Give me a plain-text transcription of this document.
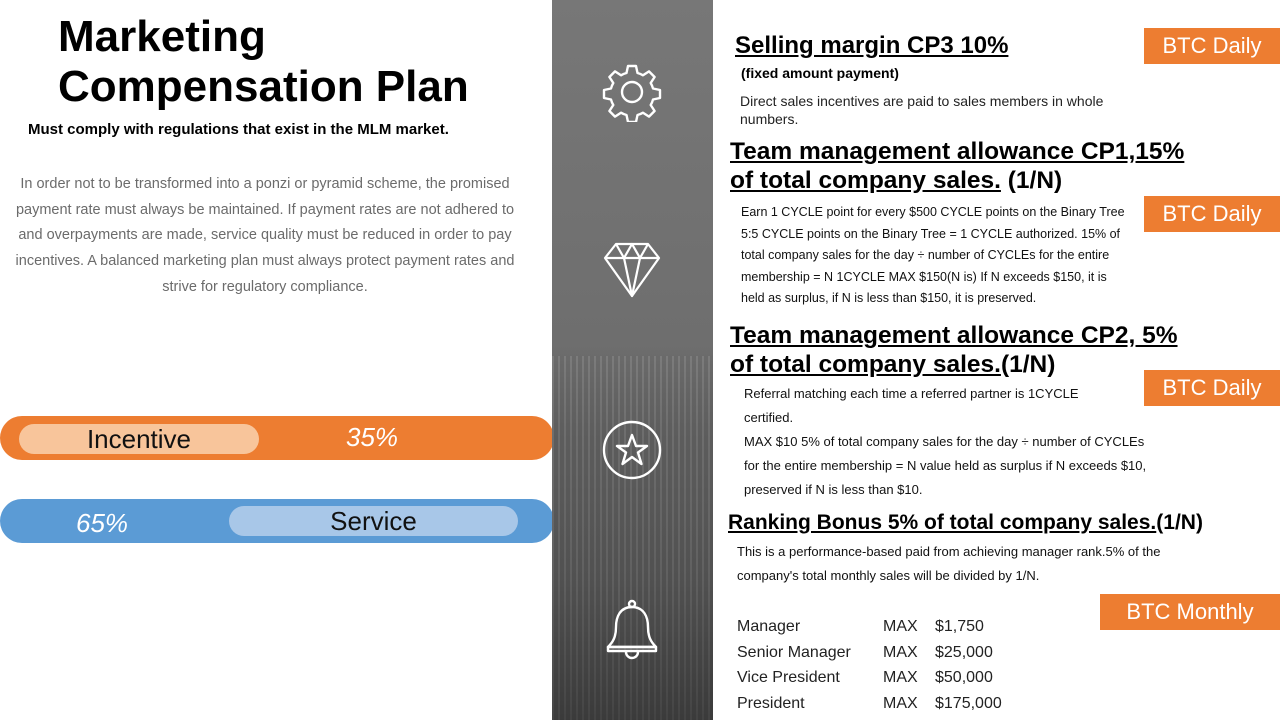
Marketing
Compensation Plan
Must comply with regulations that exist in the MLM market.
In order not to be transformed into a ponzi or pyramid scheme, the promised payment rate must always be maintained. If payment rates are not adhered to and overpayments are made, service quality must be reduced in order to pay incentives. A balanced marketing plan must always protect payment rates and strive for regulatory compliance.
Incentive	35%
65%	Service
Selling margin CP3 10%
(fixed amount payment)
Direct sales incentives are paid to sales members in whole numbers.
BTC Daily
Team management allowance CP1,15%
of total company sales. (1/N)
Earn 1 CYCLE point for every $500 CYCLE points on the Binary Tree 5:5 CYCLE points on the Binary Tree = 1 CYCLE authorized. 15% of total company sales for the day ÷ number of CYCLEs for the entire membership = N 1CYCLE MAX $150(N is) If N exceeds $150, it is held as surplus, if N is less than $150, it is preserved.
BTC Daily
Team management allowance CP2, 5%
of total company sales.(1/N)
Referral matching each time a referred partner is 1CYCLE certified.
MAX $10 5% of total company sales for the day ÷ number of CYCLEs for the entire membership = N value held as surplus if N exceeds $10, preserved if N is less than $10.
BTC Daily
Ranking Bonus 5% of total company sales.(1/N)
This is a performance-based paid from achieving manager rank.5% of the company's total monthly sales will be divided by 1/N.
BTC Monthly
Manager	MAX	$1,750
Senior Manager	MAX	$25,000
Vice President	MAX	$50,000
President	MAX	$175,000
